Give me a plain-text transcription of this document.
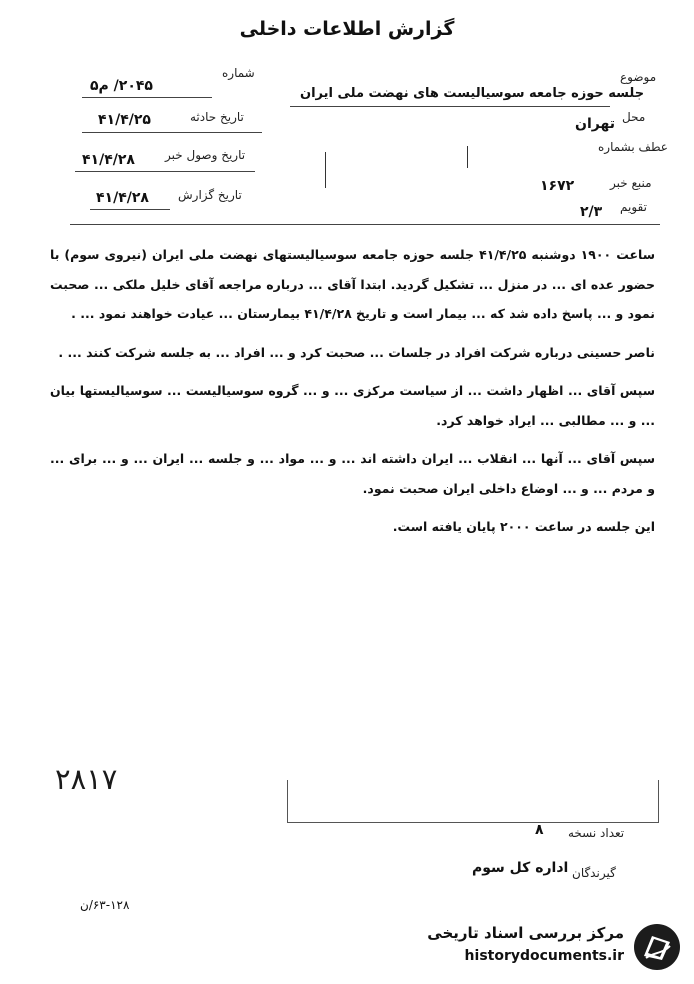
گزارش اطلاعات داخلی
شماره
۲۰۴۵/ م۵
تاریخ حادثه
۴۱/۴/۲۵
تاریخ وصول خبر
۴۱/۴/۲۸
تاریخ گزارش
۴۱/۴/۲۸
موضوع
جلسه حوزه جامعه سوسیالیست های نهضت ملی ایران
محل
تهران
عطف بشماره
منبع خبر
۱۶۷۲
تقویم
۲/۳

ساعت ۱۹۰۰ دوشنبه ۴۱/۴/۲۵ جلسه حوزه جامعه سوسیالیستهای نهضت ملی ایران (نیروی سوم) با حضور عده ای ... در منزل ... تشکیل گردید. ابتدا آقای ... درباره مراجعه آقای خلیل ملکی ... صحبت نمود و ... پاسخ داده شد که ... بیمار است و تاریخ ۴۱/۴/۲۸ بیمارستان ... عیادت خواهند نمود ... .

ناصر حسینی درباره شرکت افراد در جلسات ... صحبت کرد و ... افراد ... به جلسه شرکت کنند ... .

سپس آقای ... اظهار داشت ... از سیاست مرکزی ... و ... گروه سوسیالیست ... سوسیالیستها بیان ... و ... مطالبی ... ایراد خواهد کرد.

سپس آقای ... آنها ... انقلاب ... ایران داشته اند ... و ... مواد ... و جلسه ... ایران ... و ... برای ... و مردم ... و ... اوضاع داخلی ایران صحبت نمود.

این جلسه در ساعت ۲۰۰۰ پایان یافته است.

۲۸۱۷
تعداد نسخه
۸
گیرندگان
اداره کل سوم
۶۳-۱۲۸/ن
مرکز بررسی اسناد تاریخی
historydocuments.ir
